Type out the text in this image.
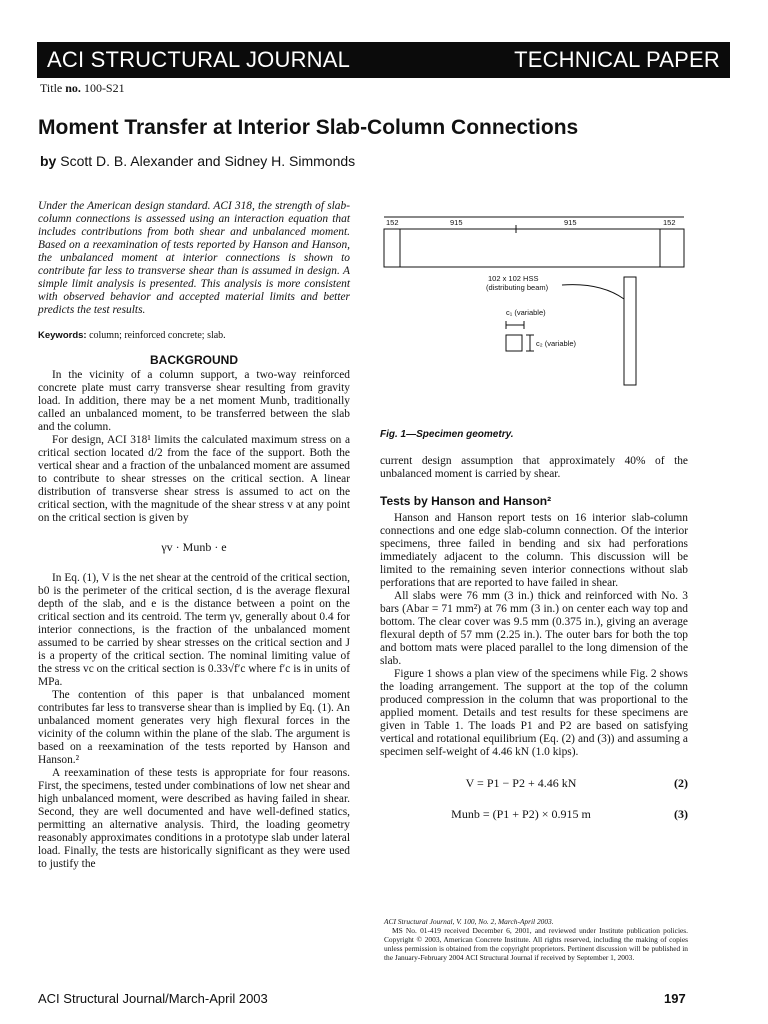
ACI STRUCTURAL JOURNAL	TECHNICAL PAPER
Title no. 100-S21
Moment Transfer at Interior Slab-Column Connections
by Scott D. B. Alexander and Sidney H. Simmonds

Under the American design standard. ACI 318, the strength of slab-column connections is assessed using an interaction equation that includes contributions from both shear and unbalanced moment. Based on a reexamination of tests reported by Hanson and Hanson, the unbalanced moment at interior connections is shown to contribute far less to transverse shear than is assumed in design. A simple limit analysis is presented. This analysis is more consistent with observed behavior and accepted material limits and better predicts the test results.

Keywords: column; reinforced concrete; slab.

BACKGROUND

In the vicinity of a column support, a two-way reinforced concrete plate must carry transverse shear resulting from gravity load. In addition, there may be a net moment Munb, traditionally called an unbalanced moment, to be transferred between the slab and the column.

For design, ACI 318¹ limits the calculated maximum stress on a critical section located d/2 from the face of the support. Both the vertical shear and a fraction of the unbalanced moment are assumed to contribute to shear stresses on the critical section. A linear distribution of transverse shear stress is assumed to act on the critical section, with the magnitude of the shear stress v at any point on the critical section is given by

γv · Munb · e

In Eq. (1), V is the net shear at the centroid of the critical section, b0 is the perimeter of the critical section, d is the average flexural depth of the slab, and e is the distance between a point on the critical section and its centroid. The term γv, generally about 0.4 for interior connections, is the fraction of the unbalanced moment assumed to be carried by shear stresses on the critical section and J is a property of the critical section. The nominal limiting value of the stress vc on the critical section is 0.33√f′c where f′c is in units of MPa.

The contention of this paper is that unbalanced moment contributes far less to transverse shear than is implied by Eq. (1). An unbalanced moment generates very high flexural forces in the vicinity of the column within the plane of the slab. The argument is based on a reexamination of the tests reported by Hanson and Hanson.²

A reexamination of these tests is appropriate for four reasons. First, the specimens, tested under combinations of low net shear and high unbalanced moment, were described as having failed in shear. Second, they are well documented and have well-defined statics, permitting an alternative analysis. Third, the loading geometry reasonably approximates conditions in a prototype slab under lateral load. Finally, the tests are historically significant as they were used to justify the

152	915	915	152
102 x 102 HSS
(distributing beam)
c₁ (variable)
c₂ (variable)
Fig. 1—Specimen geometry.

current design assumption that approximately 40% of the unbalanced moment is carried by shear.

Tests by Hanson and Hanson²

Hanson and Hanson report tests on 16 interior slab-column connections and one edge slab-column connection. Of the interior specimens, three failed in bending and six had perforations immediately adjacent to the column. This discussion will be limited to the remaining seven interior connections without slab perforations that are reported to have failed in shear.

All slabs were 76 mm (3 in.) thick and reinforced with No. 3 bars (Abar = 71 mm²) at 76 mm (3 in.) on center each way top and bottom. The clear cover was 9.5 mm (0.375 in.), giving an average flexural depth of 57 mm (2.25 in.). The outer bars for both the top and bottom mats were placed parallel to the long dimension of the slab.

Figure 1 shows a plan view of the specimens while Fig. 2 shows the loading arrangement. The support at the top of the column produced compression in the column that was proportional to the applied moment. Details and test results for these specimens are given in Table 1. The loads P1 and P2 are based on satisfying vertical and rotational equilibrium (Eq. (2) and (3)) and assuming a specimen self-weight of 4.46 kN (1.0 kips).

V = P1 − P2 + 4.46 kN	(2)
Munb = (P1 + P2) × 0.915 m	(3)
ACI Structural Journal, V. 100, No. 2, March-April 2003.
MS No. 01-419 received December 6, 2001, and reviewed under Institute publication policies. Copyright © 2003, American Concrete Institute. All rights reserved, including the making of copies unless permission is obtained from the copyright proprietors. Pertinent discussion will be published in the January-February 2004 ACI Structural Journal if received by September 1, 2003.
ACI Structural Journal/March-April 2003	197
